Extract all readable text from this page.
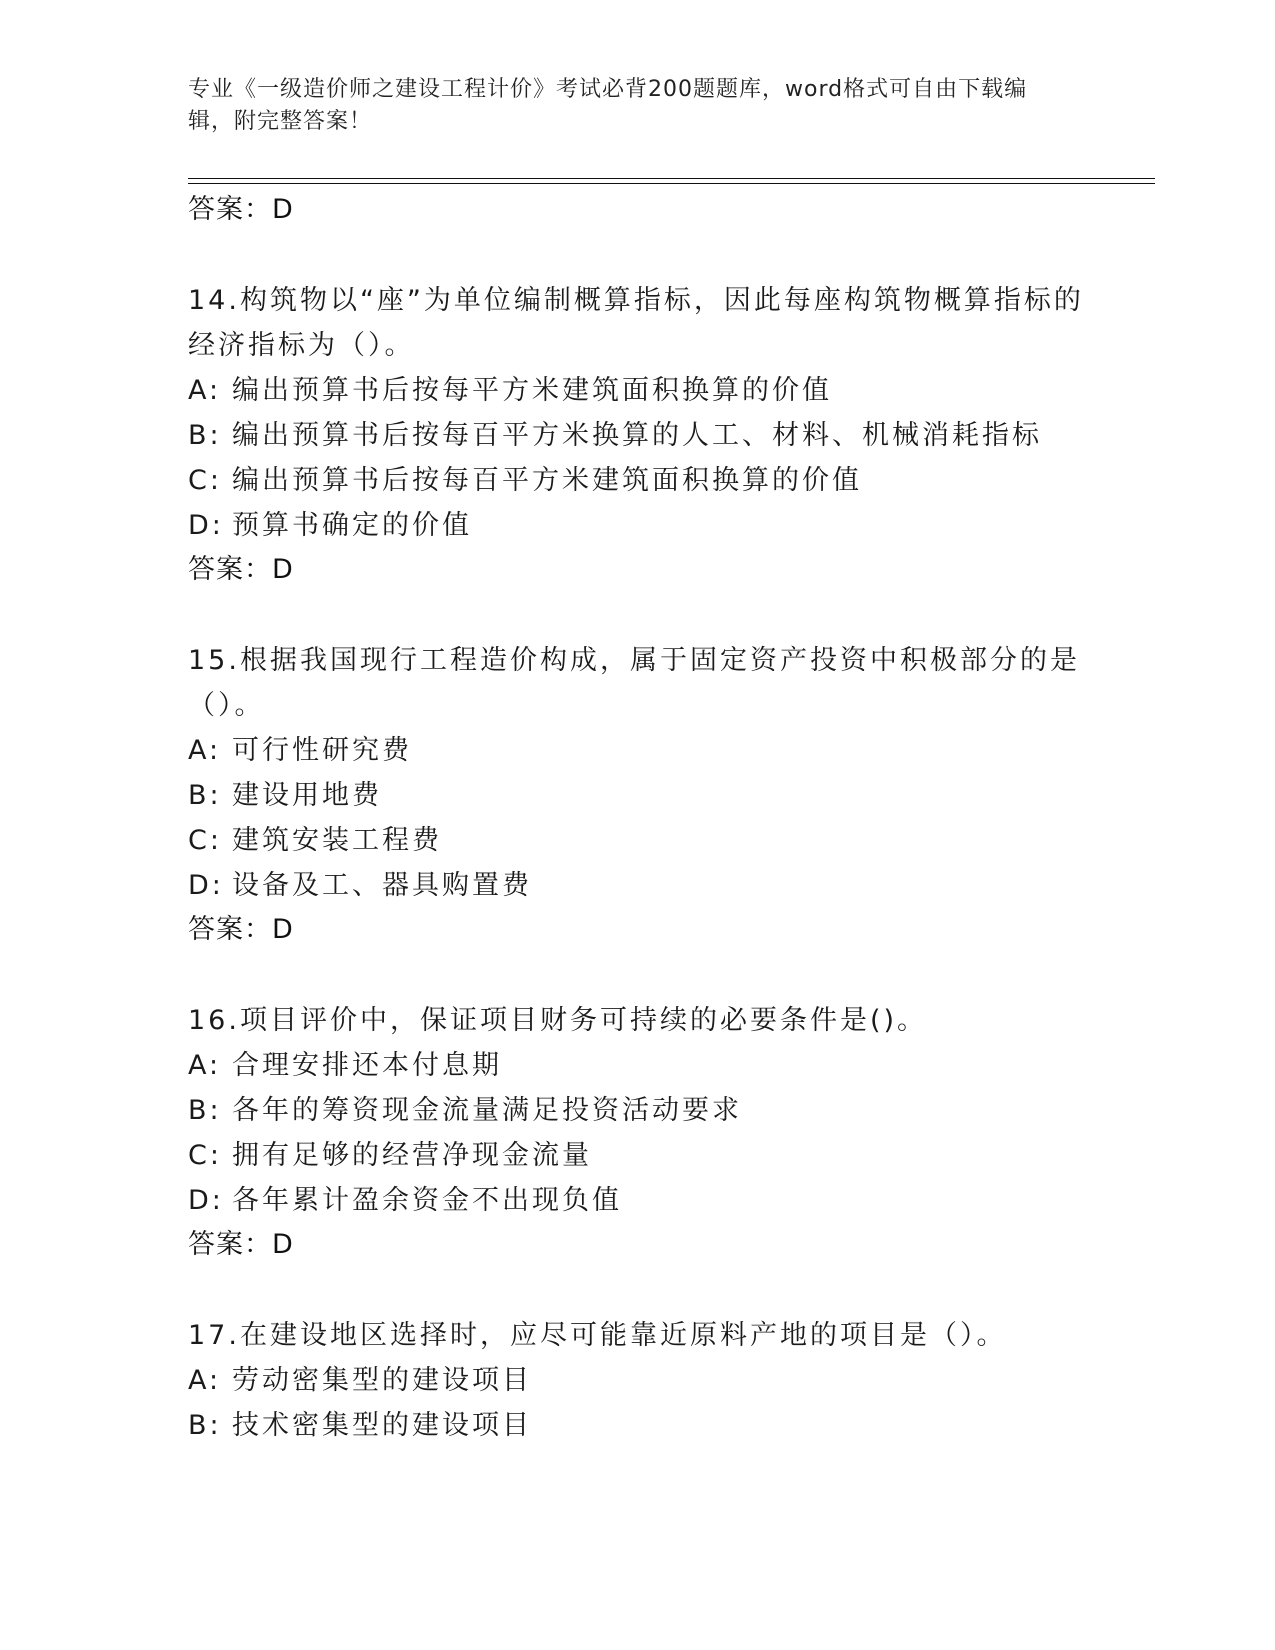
专业《一级造价师之建设工程计价》考试必背200题题库，word格式可自由下载编辑，附完整答案！
答案：D
14.构筑物以“座”为单位编制概算指标，因此每座构筑物概算指标的经济指标为（）。
A: 编出预算书后按每平方米建筑面积换算的价值
B: 编出预算书后按每百平方米换算的人工、材料、机械消耗指标
C: 编出预算书后按每百平方米建筑面积换算的价值
D: 预算书确定的价值
答案：D
15.根据我国现行工程造价构成，属于固定资产投资中积极部分的是（）。
A: 可行性研究费
B: 建设用地费
C: 建筑安装工程费
D: 设备及工、器具购置费
答案：D
16.项目评价中，保证项目财务可持续的必要条件是()。
A: 合理安排还本付息期
B: 各年的筹资现金流量满足投资活动要求
C: 拥有足够的经营净现金流量
D: 各年累计盈余资金不出现负值
答案：D
17.在建设地区选择时，应尽可能靠近原料产地的项目是（）。
A: 劳动密集型的建设项目
B: 技术密集型的建设项目
